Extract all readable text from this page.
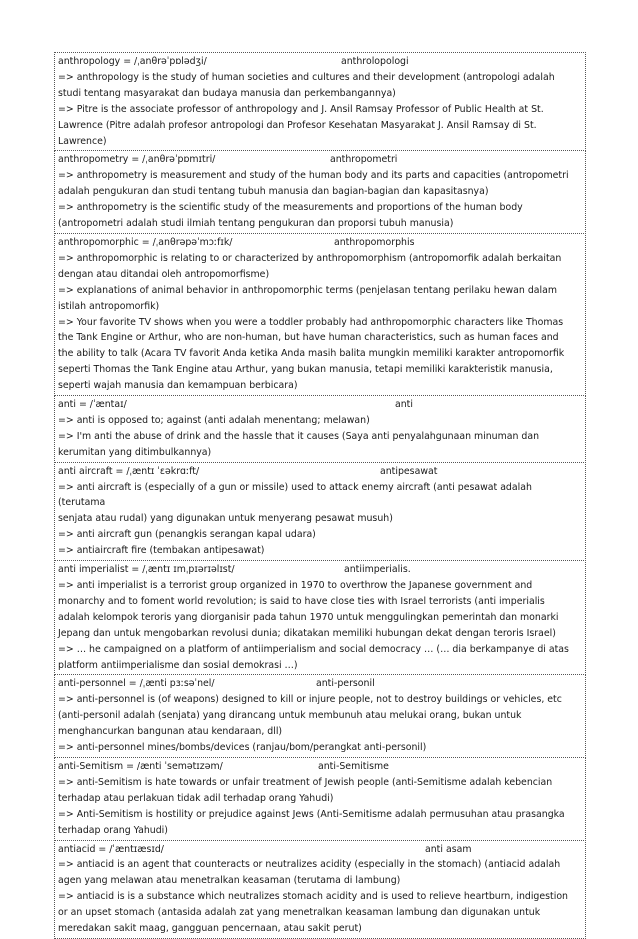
anthropology = /ˌanθrəˈpɒlədʒi/	anthrolopologi
=> anthropology is the study of human societies and cultures and their development (antropologi adalah
studi tentang masyarakat dan budaya manusia dan perkembangannya)
=> Pitre is the associate professor of anthropology and J. Ansil Ramsay Professor of Public Health at St.
Lawrence (Pitre adalah profesor antropologi dan Profesor Kesehatan Masyarakat J. Ansil Ramsay di St.
Lawrence)
anthropometry = /ˌanθrəˈpɒmɪtri/	anthropometri
=> anthropometry is measurement and study of the human body and its parts and capacities (antropometri
adalah pengukuran dan studi tentang tubuh manusia dan bagian-bagian dan kapasitasnya)
=> anthropometry is the scientific study of the measurements and proportions of the human body
(antropometri adalah studi ilmiah tentang pengukuran dan proporsi tubuh manusia)
anthropomorphic = /ˌanθrəpəˈmɔːfɪk/	anthropomorphis
=> anthropomorphic is relating to or characterized by anthropomorphism (antropomorfik adalah berkaitan
dengan atau ditandai oleh antropomorfisme)
=> explanations of animal behavior in anthropomorphic terms (penjelasan tentang perilaku hewan dalam
istilah antropomorfik)
=> Your favorite TV shows when you were a toddler probably had anthropomorphic characters like Thomas
the Tank Engine or Arthur, who are non-human, but have human characteristics, such as human faces and
the ability to talk (Acara TV favorit Anda ketika Anda masih balita mungkin memiliki karakter antropomorfik
seperti Thomas the Tank Engine atau Arthur, yang bukan manusia, tetapi memiliki karakteristik manusia,
seperti wajah manusia dan kemampuan berbicara)
anti = /ˈæntaɪ/	anti
=> anti is opposed to; against (anti adalah menentang; melawan)
=> I'm anti the abuse of drink and the hassle that it causes (Saya anti penyalahgunaan minuman dan
kerumitan yang ditimbulkannya)
anti aircraft = /ˌæntɪ ˈɛəkrɑːft/	antipesawat
=> anti aircraft is (especially of a gun or missile) used to attack enemy aircraft (anti pesawat adalah (terutama
senjata atau rudal) yang digunakan untuk menyerang pesawat musuh)
=> anti aircraft gun (penangkis serangan kapal udara)
=> antiaircraft fire (tembakan antipesawat)
anti imperialist = /ˌæntɪ ɪmˌpɪərɪəlɪst/	antiimperialis.
=> anti imperialist is a terrorist group organized in 1970 to overthrow the Japanese government and
monarchy and to foment world revolution; is said to have close ties with Israel terrorists (anti imperialis
adalah kelompok teroris yang diorganisir pada tahun 1970 untuk menggulingkan pemerintah dan monarki
Jepang dan untuk mengobarkan revolusi dunia; dikatakan memiliki hubungan dekat dengan teroris Israel)
=> … he campaigned on a platform of antiimperialism and social democracy … (… dia berkampanye di atas
platform antiimperialisme dan sosial demokrasi …)
anti-personnel = /ˌænti pɜːsəˈnel/	anti-personil
=> anti-personnel is (of weapons) designed to kill or injure people, not to destroy buildings or vehicles, etc
(anti-personil adalah (senjata) yang dirancang untuk membunuh atau melukai orang, bukan untuk
menghancurkan bangunan atau kendaraan, dll)
=> anti-personnel mines/bombs/devices (ranjau/bom/perangkat anti-personil)
anti-Semitism = /ænti ˈsemətɪzəm/	anti-Semitisme
=> anti-Semitism is hate towards or unfair treatment of Jewish people (anti-Semitisme adalah kebencian
terhadap atau perlakuan tidak adil terhadap orang Yahudi)
=> Anti-Semitism is hostility or prejudice against Jews (Anti-Semitisme adalah permusuhan atau prasangka
terhadap orang Yahudi)
antiacid = /ˈæntɪæsɪd/	anti asam
=> antiacid is an agent that counteracts or neutralizes acidity (especially in the stomach) (antiacid adalah
agen yang melawan atau menetralkan keasaman (terutama di lambung)
=> antiacid is is a substance which neutralizes stomach acidity and is used to relieve heartburn, indigestion
or an upset stomach (antasida adalah zat yang menetralkan keasaman lambung dan digunakan untuk
meredakan sakit maag, gangguan pencernaan, atau sakit perut)
